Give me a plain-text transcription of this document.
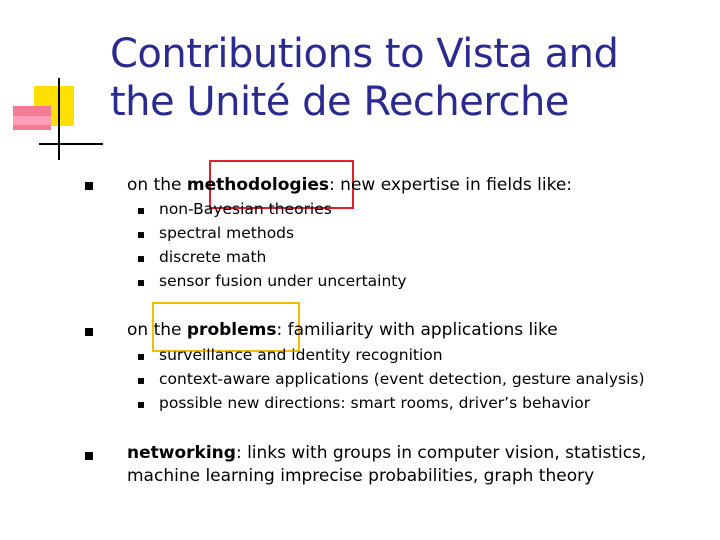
Contributions to Vista and
the Unité de Recherche
on the methodologies: new expertise in fields like:
non-Bayesian theories
spectral methods
discrete math
sensor fusion under uncertainty
on the problems: familiarity with applications like
surveillance and identity recognition
context-aware applications (event detection, gesture analysis)
possible new directions: smart rooms, driver’s behavior
networking: links with groups in computer vision, statistics,
machine learning imprecise probabilities, graph theory
